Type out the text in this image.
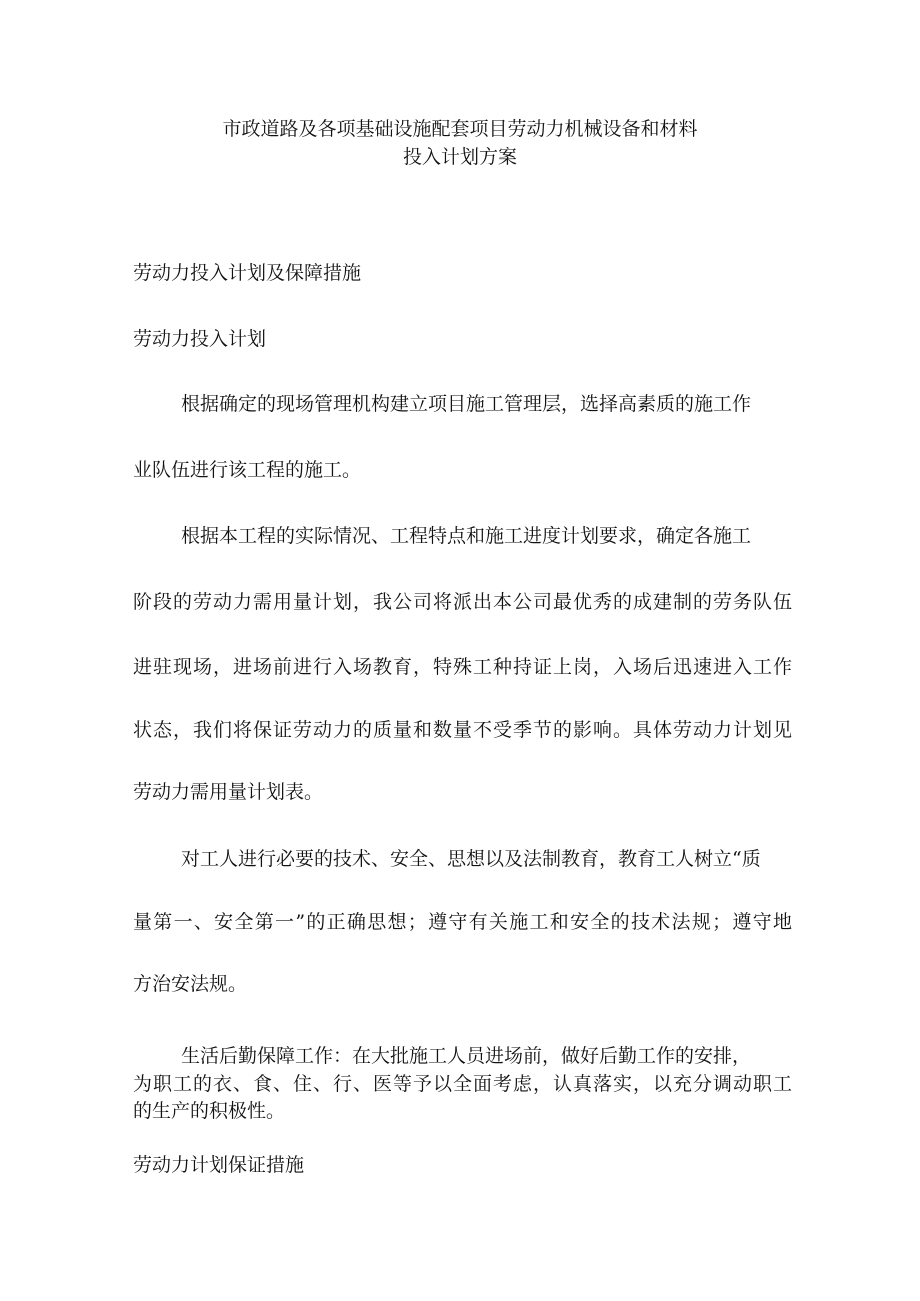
市政道路及各项基础设施配套项目劳动力机械设备和材料
投入计划方案
劳动力投入计划及保障措施
劳动力投入计划
根据确定的现场管理机构建立项目施工管理层，选择高素质的施工作
业队伍进行该工程的施工。
根据本工程的实际情况、工程特点和施工进度计划要求，确定各施工
阶段的劳动力需用量计划，我公司将派出本公司最优秀的成建制的劳务队伍
进驻现场，进场前进行入场教育，特殊工种持证上岗，入场后迅速进入工作
状态，我们将保证劳动力的质量和数量不受季节的影响。具体劳动力计划见
劳动力需用量计划表。
对工人进行必要的技术、安全、思想以及法制教育，教育工人树立“质
量第一、安全第一”的正确思想；遵守有关施工和安全的技术法规；遵守地
方治安法规。
生活后勤保障工作：在大批施工人员进场前，做好后勤工作的安排，
为职工的衣、食、住、行、医等予以全面考虑，认真落实，以充分调动职工
的生产的积极性。
劳动力计划保证措施
